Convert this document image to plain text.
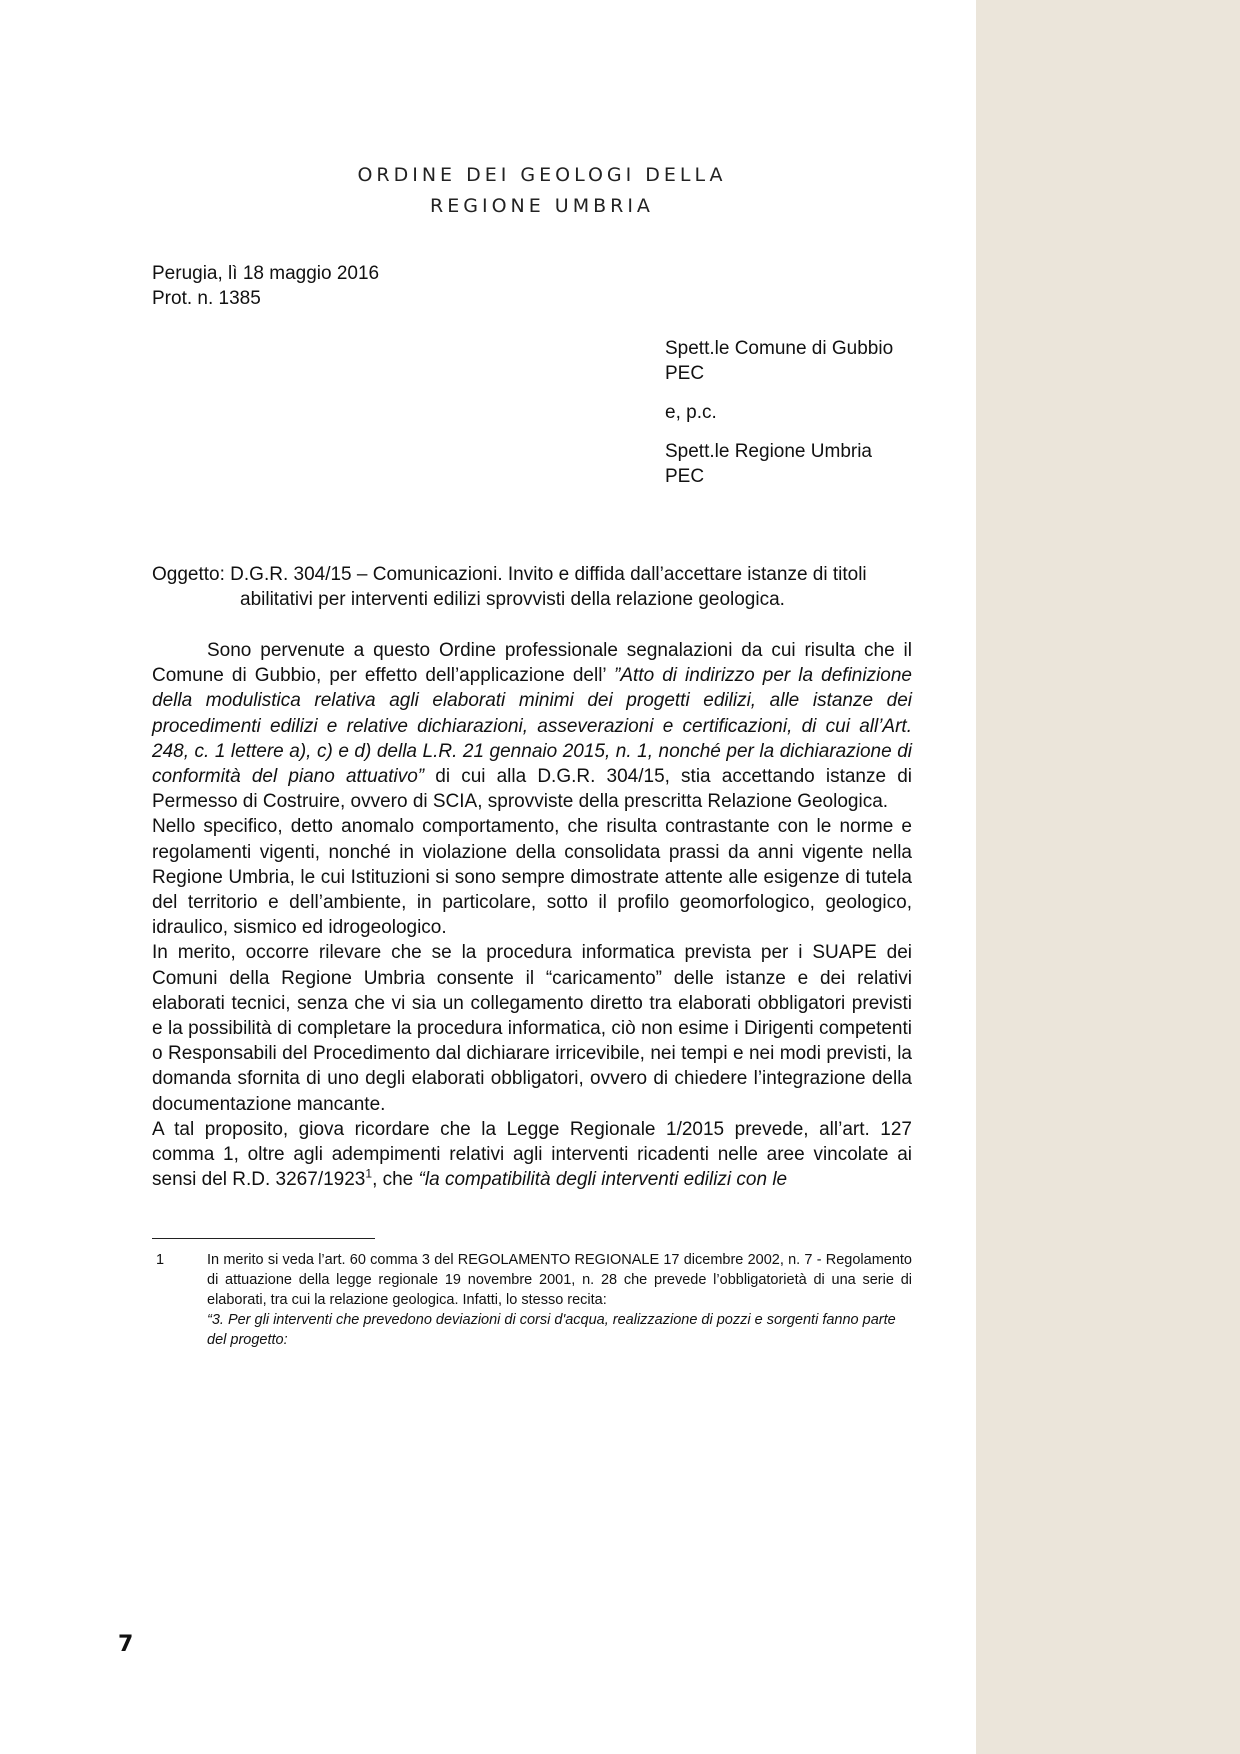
ORDINE DEI GEOLOGI DELLA
REGIONE UMBRIA
Perugia, lì 18 maggio 2016
Prot. n. 1385

Spett.le Comune di Gubbio

PEC

e, p.c.

Spett.le Regione Umbria

PEC

Oggetto: D.G.R. 304/15 – Comunicazioni. Invito e diffida dall’accettare istanze di titoli
abilitativi per interventi edilizi sprovvisti della relazione geologica.

Sono pervenute a questo Ordine professionale segnalazioni da cui risulta che il Comune di Gubbio, per effetto dell’applicazione dell’ ”Atto di indirizzo per la definizione della modulistica relativa agli elaborati minimi dei progetti edilizi, alle istanze dei procedimenti edilizi e relative dichiarazioni, asseverazioni e certificazioni, di cui all’Art. 248, c. 1 lettere a), c) e d) della L.R. 21 gennaio 2015, n. 1, nonché per la dichiarazione di conformità del piano attuativo” di cui alla D.G.R. 304/15, stia accettando istanze di Permesso di Costruire, ovvero di SCIA, sprovviste della prescritta Relazione Geologica.

Nello specifico, detto anomalo comportamento, che risulta contrastante con le norme e regolamenti vigenti, nonché in violazione della consolidata prassi da anni vigente nella Regione Umbria, le cui Istituzioni si sono sempre dimostrate attente alle esigenze di tutela del territorio e dell’ambiente, in particolare, sotto il profilo geomorfologico, geologico, idraulico, sismico ed idrogeologico.

In merito, occorre rilevare che se la procedura informatica prevista per i SUAPE dei Comuni della Regione Umbria consente il “caricamento” delle istanze e dei relativi elaborati tecnici, senza che vi sia un collegamento diretto tra elaborati obbligatori previsti e la possibilità di completare la procedura informatica, ciò non esime i Dirigenti competenti o Responsabili del Procedimento dal dichiarare irricevibile, nei tempi e nei modi previsti, la domanda sfornita di uno degli elaborati obbligatori, ovvero di chiedere l’integrazione della documentazione mancante.

A tal proposito, giova ricordare che la Legge Regionale 1/2015 prevede, all’art. 127 comma 1, oltre agli adempimenti relativi agli interventi ricadenti nelle aree vincolate ai sensi del R.D. 3267/1923$^1$, che “la compatibilità degli interventi edilizi con le

1	In merito si veda l’art. 60 comma 3 del REGOLAMENTO REGIONALE 17 dicembre 2002, n. 7 - Regolamento di attuazione della legge regionale 19 novembre 2001, n. 28 che prevede l’obbligatorietà di una serie di elaborati, tra cui la relazione geologica. Infatti, lo stesso recita:
“3. Per gli interventi che prevedono deviazioni di corsi d'acqua, realizzazione di pozzi e sorgenti fanno parte del progetto:
7
